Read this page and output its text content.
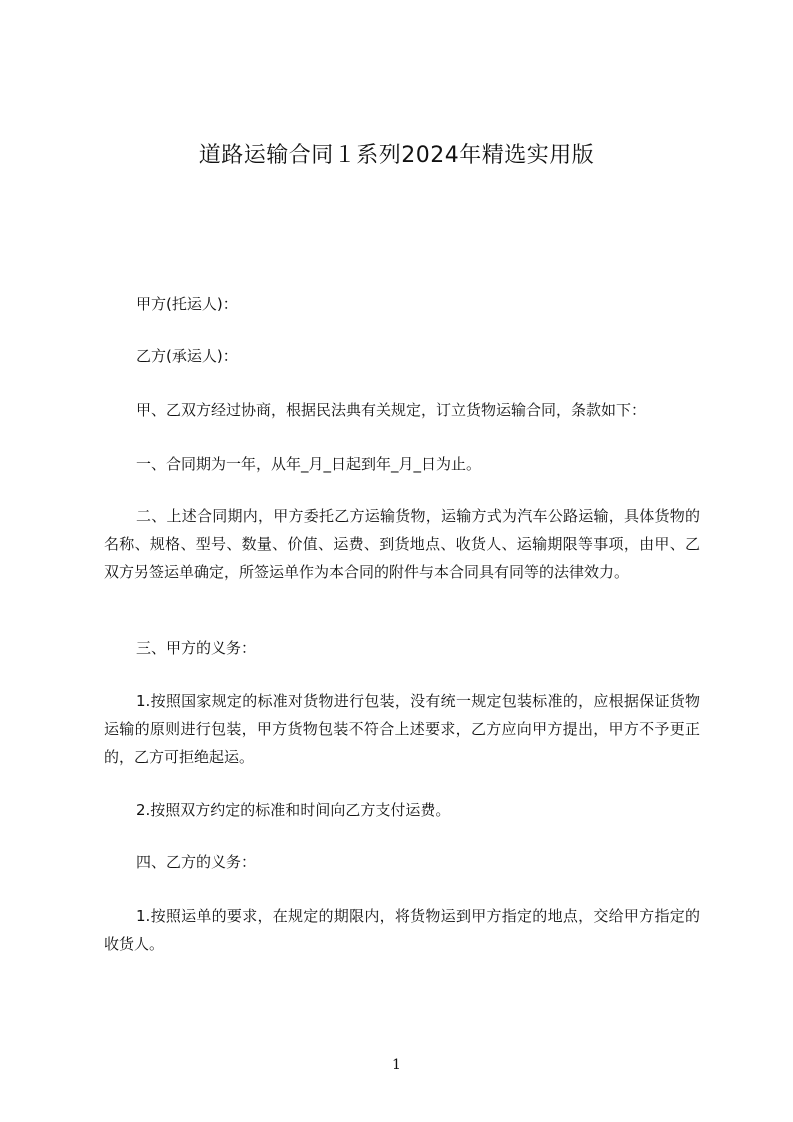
道路运输合同１系列2024年精选实用版

甲方(托运人)：

乙方(承运人)：

甲、乙双方经过协商，根据民法典有关规定，订立货物运输合同，条款如下：

一、合同期为一年，从年_月_日起到年_月_日为止。

二、上述合同期内，甲方委托乙方运输货物，运输方式为汽车公路运输，具体货物的名称、规格、型号、数量、价值、运费、到货地点、收货人、运输期限等事项，由甲、乙双方另签运单确定，所签运单作为本合同的附件与本合同具有同等的法律效力。

三、甲方的义务：

1.按照国家规定的标准对货物进行包装，没有统一规定包装标准的，应根据保证货物运输的原则进行包装，甲方货物包装不符合上述要求，乙方应向甲方提出，甲方不予更正的，乙方可拒绝起运。

2.按照双方约定的标准和时间向乙方支付运费。

四、乙方的义务：

1.按照运单的要求，在规定的期限内，将货物运到甲方指定的地点，交给甲方指定的收货人。

1
